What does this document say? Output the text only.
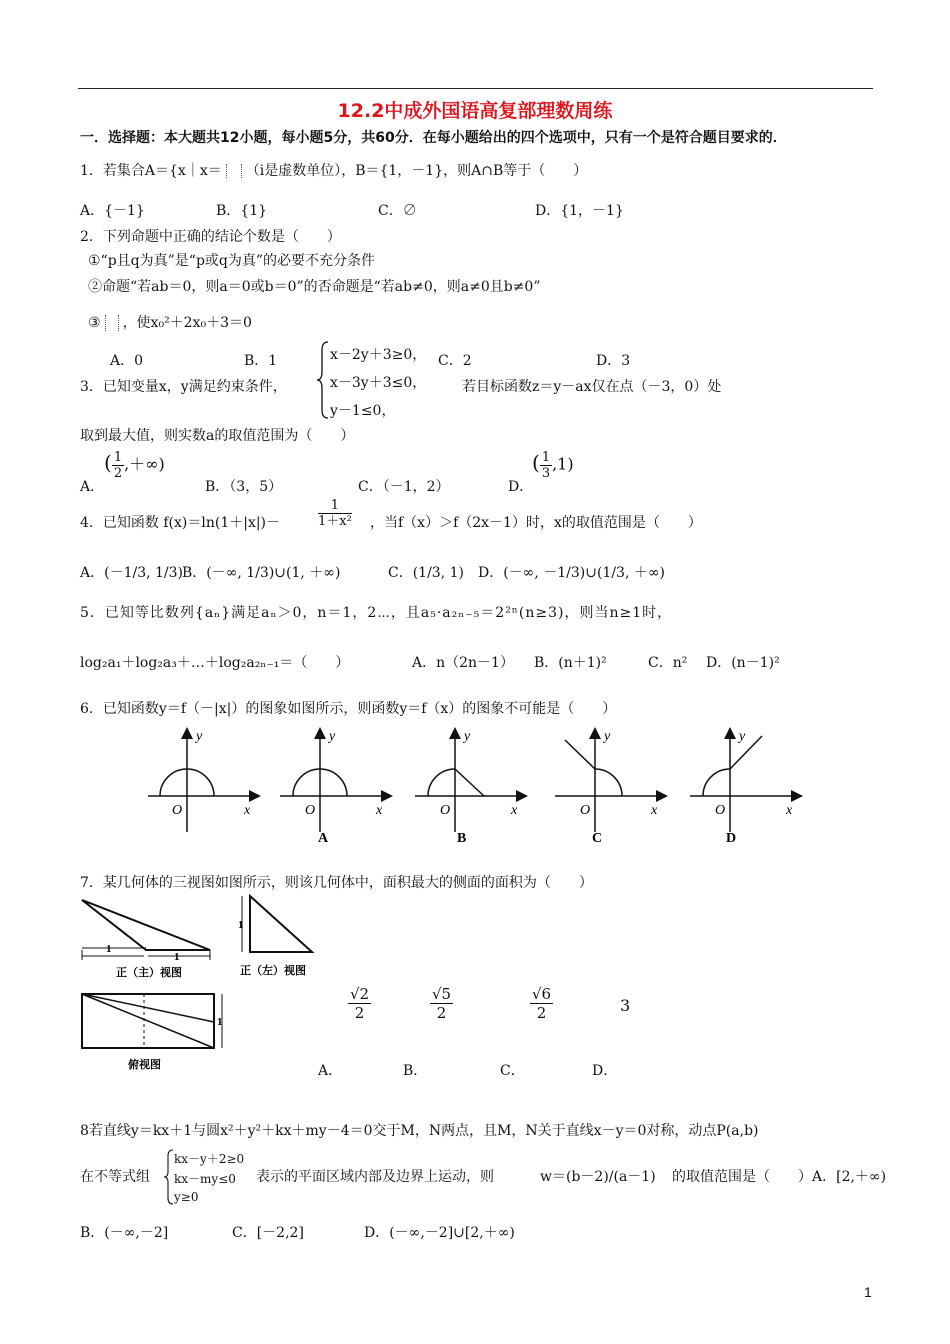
12.2中成外国语高复部理数周练
一．选择题：本大题共12小题，每小题5分，共60分．在每小题给出的四个选项中，只有一个是符合题目要求的．
1．若集合A＝{x｜x＝ （i是虚数单位），B＝{1，－1}，则A∩B等于（　　）
A．{－1}	B．{1}	C．∅	D．{1，－1}
2．下列命题中正确的结论个数是（　　）
①“p且q为真”是“p或q为真”的必要不充分条件
②命题“若ab＝0，则a＝0或b＝0”的否命题是“若ab≠0，则a≠0且b≠0”
③ ，使x₀²＋2x₀＋3＝0
A．0	B．1	C．2	D．3
3．已知变量x，y满足约束条件，
x－2y＋3≥0，
x－3y＋3≤0，
y－1≤0，
若目标函数z＝y－ax仅在点（－3，0）处
取到最大值，则实数a的取值范围为（　　）
A．
( $\frac{1}{2}$ ,＋∞)
B．（3，5）	C．（－1，2）	D．
( $\frac{1}{3} ,1$)
4．已知函数 f(x)＝ln(1＋|x|)－	$\frac{1}{\text{1＋x²}}$ ，当f（x）＞f（2x－1）时，x的取值范围是（　　）
A．(－1/3, 1/3) B．(－∞, 1/3)∪(1, ＋∞)	C．(1/3, 1) D．(－∞, －1/3)∪(1/3, ＋∞)
5．已知等比数列{aₙ}满足aₙ＞0，n＝1，2⋯，且a₅·a₂ₙ₋₅＝2²ⁿ(n≥3)，则当n≥1时，
log₂a₁＋log₂a₃＋…＋log₂a₂ₙ₋₁＝（　　）	A．n（2n－1） B．(n＋1)²	C．n² D．(n－1)²
6．已知函数y＝f（－|x|）的图象如图所示，则函数y＝f（x）的图象不可能是（　　）
y
x
O
y
x
O
A
y
x
O
B
y
x
O
C
y
x
O
D
7．某几何体的三视图如图所示，则该几何体中，面积最大的侧面的面积为（　　）
1
1
正（主）视图
1
正（左）视图
1
俯视图
$\frac{√2}{2}$	$\frac{√5}{2}$	$\frac{√6}{2}$	3
A．	B．	C．	D．
8若直线y＝kx＋1与圆x²＋y²＋kx＋my－4＝0交于M，N两点，且M，N关于直线x－y＝0对称，动点P(a,b)
在不等式组
kx－y＋2≥0
kx－my≤0
y≥0
表示的平面区域内部及边界上运动，则	w＝(b－2)/(a－1) 的取值范围是（　　）A．[2,＋∞)
B．(－∞,－2]	C．[－2,2]	D．(－∞,－2]∪[2,＋∞)
1
